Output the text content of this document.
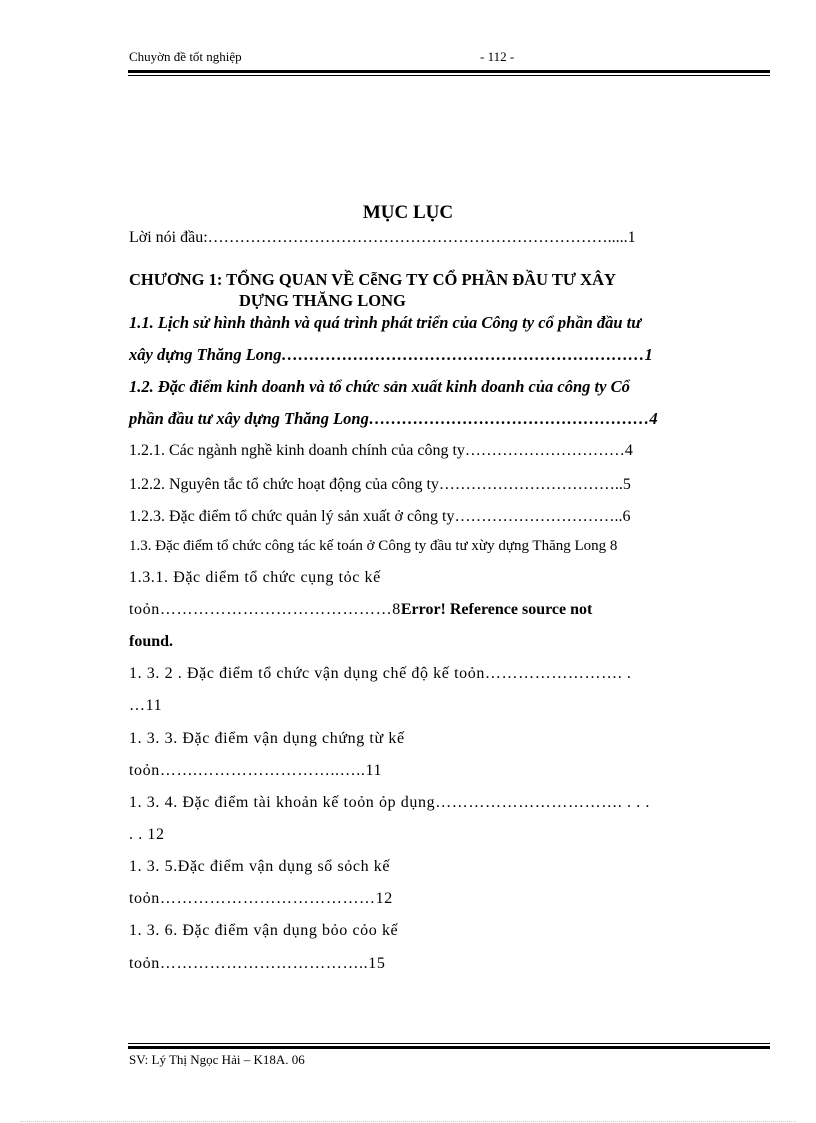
Chuyờn đề tốt nghiệp	- 112 -
MỤC LỤC
Lời nói đầu:………………………………………………………………….....1
CHƯƠNG 1: TỔNG QUAN VỀ CễNG TY CỔ PHẦN ĐẦU TƯ XÂY
DỰNG THĂNG LONG
1.1. Lịch sử hình thành và quá trình phát triển của Công ty cổ phần đầu tư
xây dựng Thăng Long…………………………………………………………1
1.2. Đặc điểm kinh doanh và tổ chức sản xuất kinh doanh của công ty Cổ
phần đầu tư xây dựng Thăng Long……………………………………………4
1.2.1. Các ngành nghề kinh doanh chính của công ty…………………………4
1.2.2. Nguyên tắc tổ chức hoạt động của công ty……………………………..5
1.2.3. Đặc điểm tổ chức quản lý sản xuất ở công ty…………………………..6
1.3. Đặc điểm tổ chức công tác kế toán ở Công ty đầu tư xừy dựng Thăng Long 8
1.3.1. Đặc diểm tổ chức cụng tỏc kế
toỏn……………………………………8Error! Reference source not
found.
1. 3. 2 . Đặc điểm tổ chức vận dụng chế độ kế toỏn……………………. .
…11
1. 3. 3. Đặc điểm vận dụng chứng từ kế
toỏn…….……………………..…..11
1. 3. 4. Đặc điểm tài khoản kế toỏn ỏp dụng……………………………. . . .
. . 12
1. 3. 5.Đặc điểm vận dụng sổ sỏch kế
toỏn…………………………………12
1. 3. 6. Đặc điểm vận dụng bỏo cỏo kế
toỏn………………………………..15
SV: Lý Thị Ngọc Hải – K18A. 06
